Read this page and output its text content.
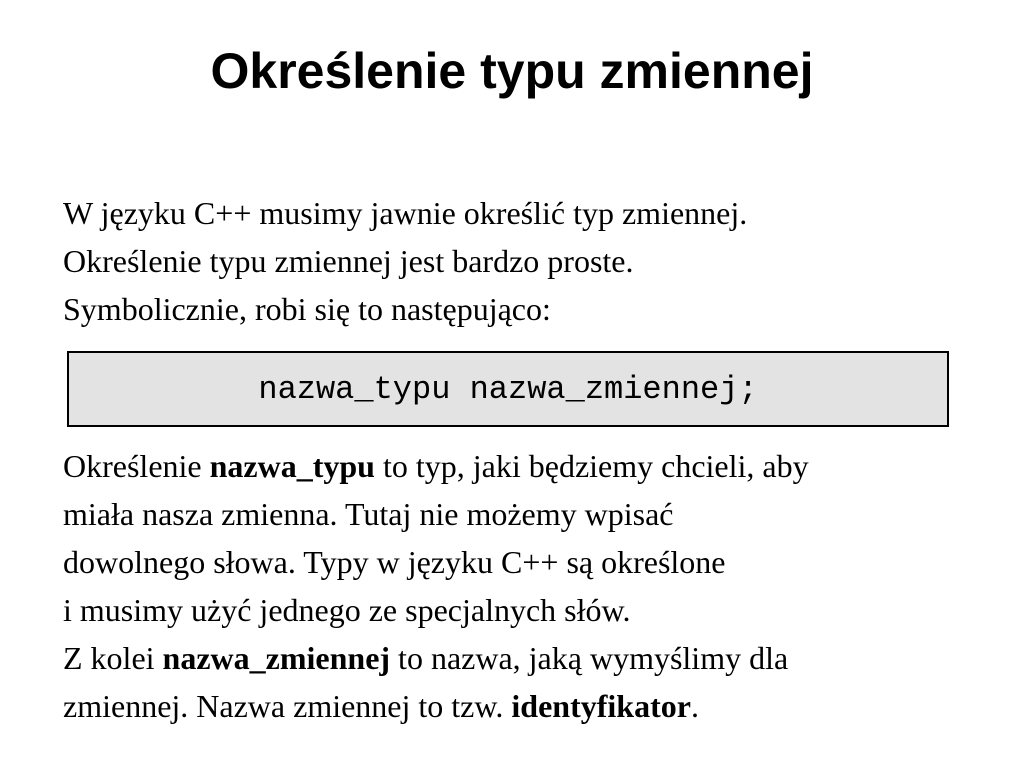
Określenie typu zmiennej

W języku C++ musimy jawnie określić typ zmiennej.
Określenie typu zmiennej jest bardzo proste.
Symbolicznie, robi się to następująco:

nazwa_typu nazwa_zmiennej;

Określenie nazwa_typu to typ, jaki będziemy chcieli, aby
miała nasza zmienna. Tutaj nie możemy wpisać
dowolnego słowa. Typy w języku C++ są określone
i musimy użyć jednego ze specjalnych słów.
Z kolei nazwa_zmiennej to nazwa, jaką wymyślimy dla
zmiennej. Nazwa zmiennej to tzw. identyfikator.
